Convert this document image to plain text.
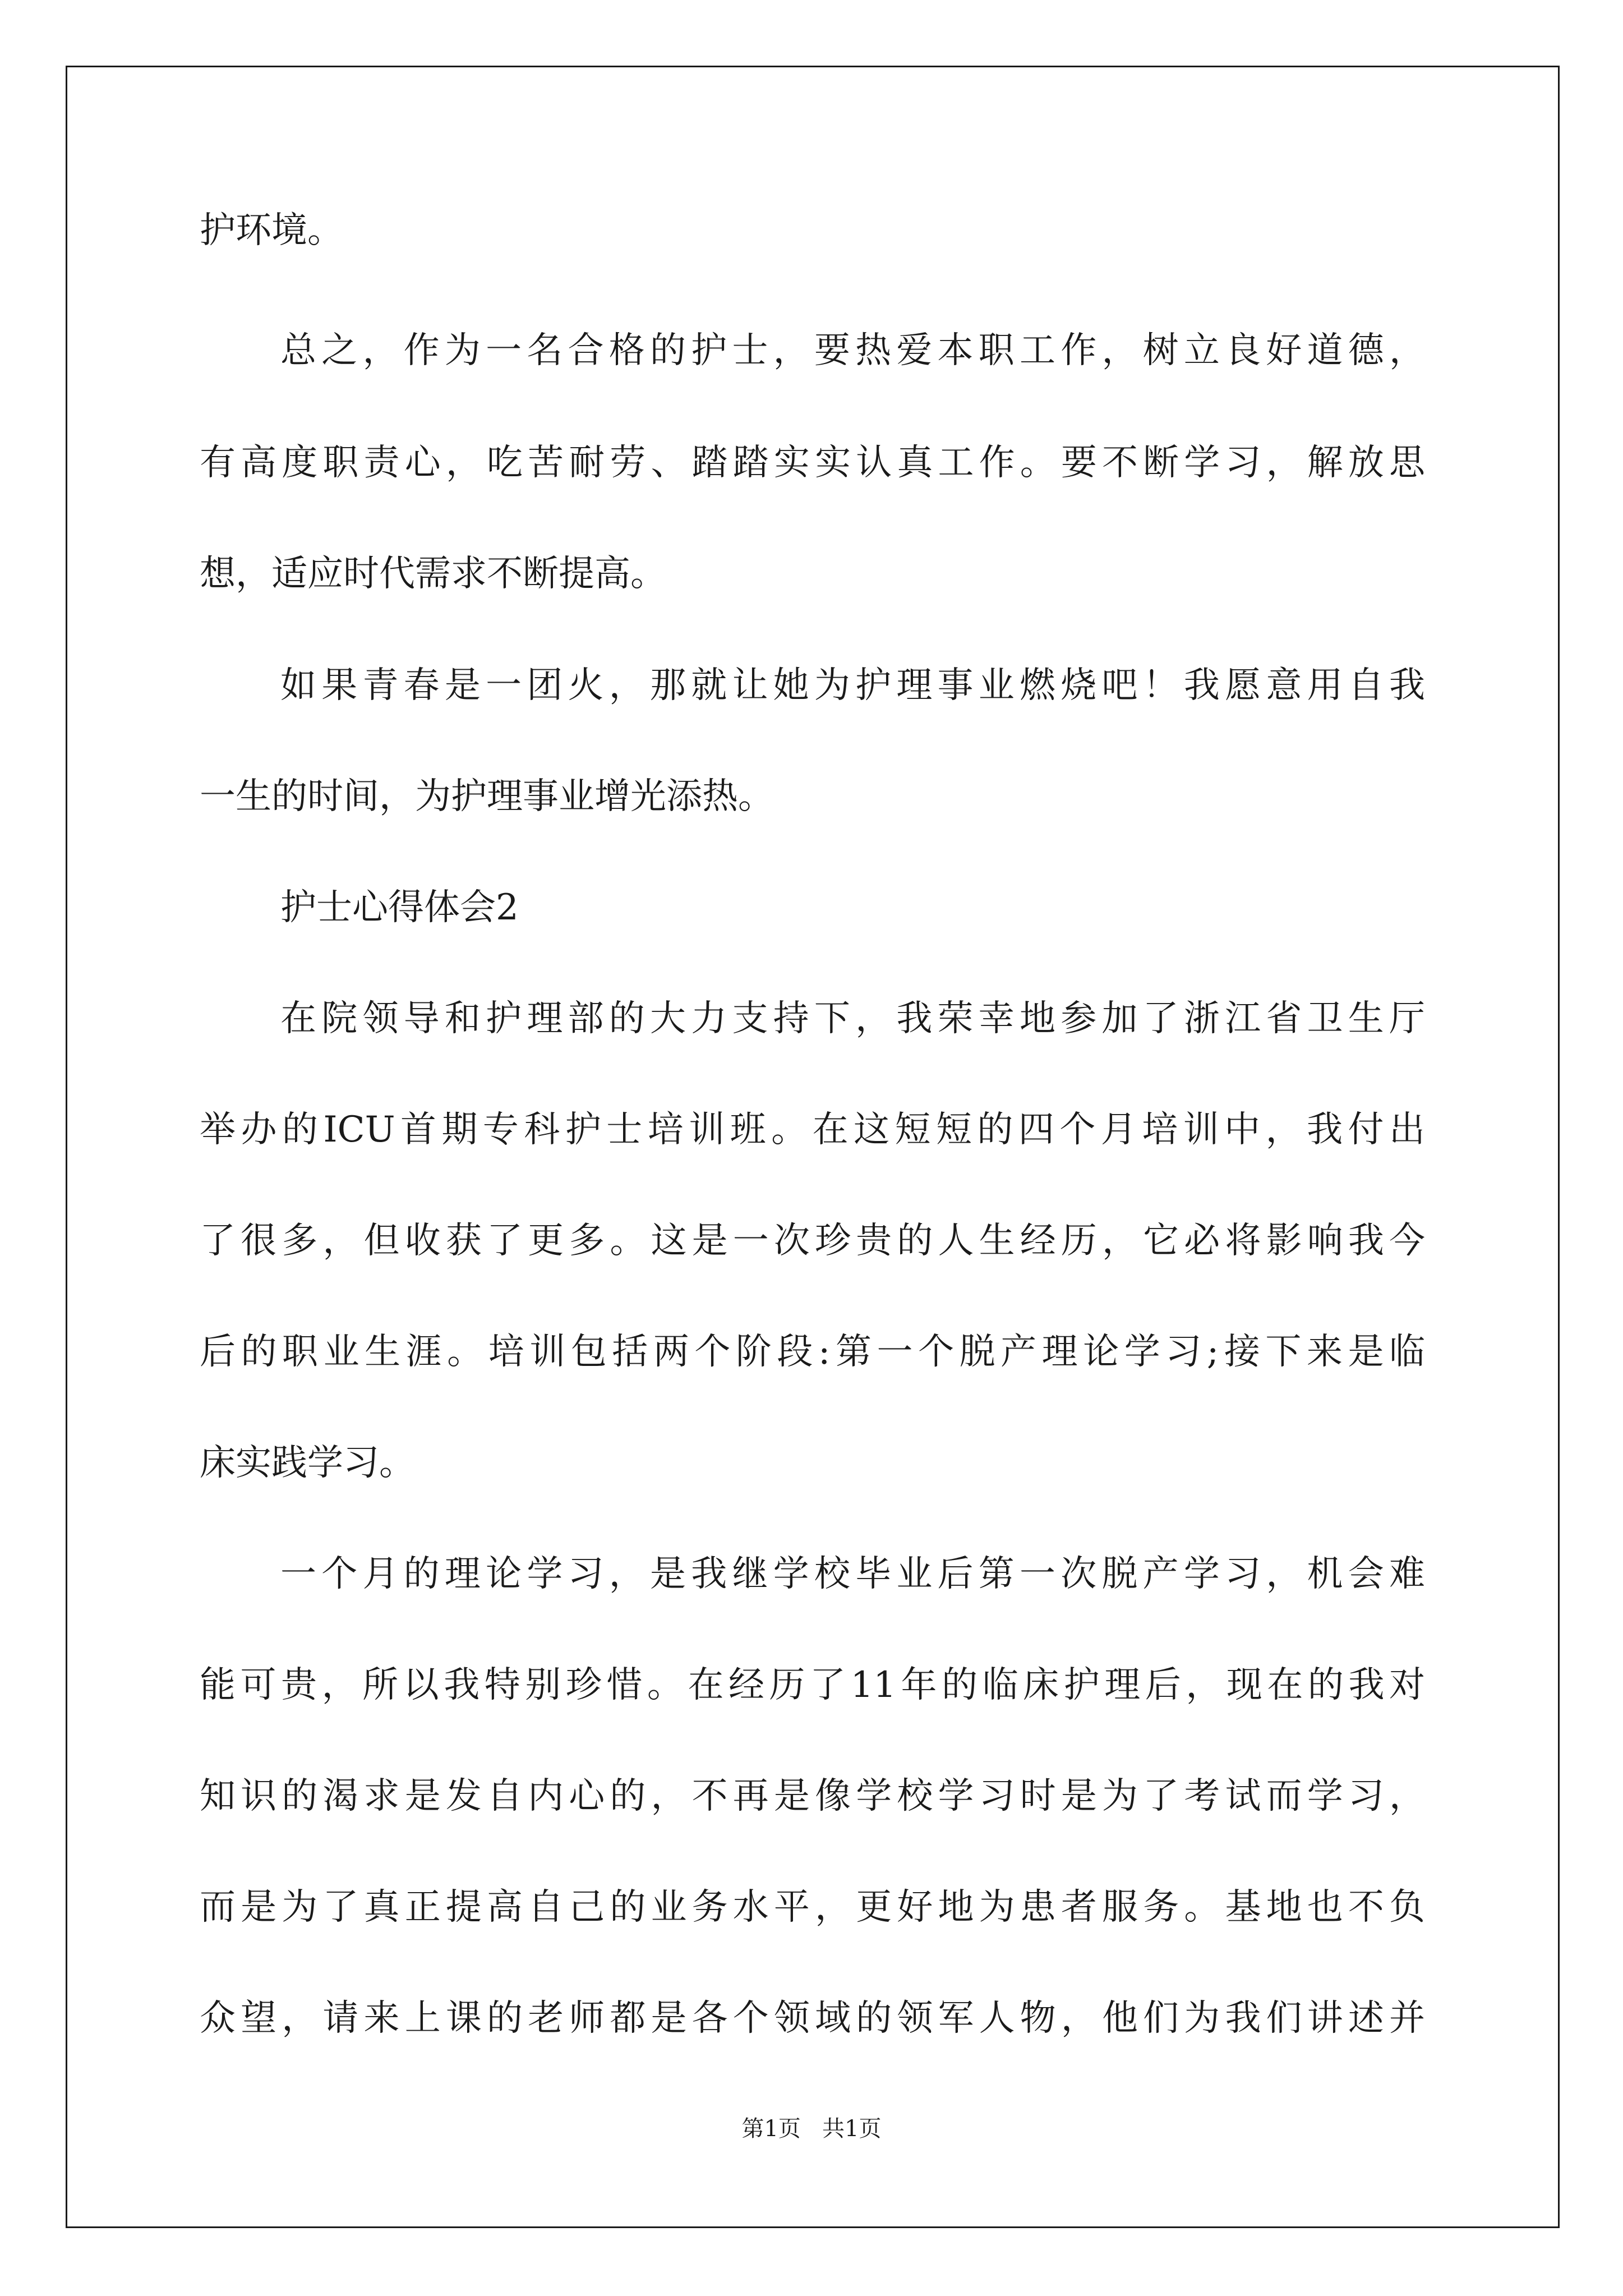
护环境。
总之，作为一名合格的护士，要热爱本职工作，树立良好道德，
有高度职责心，吃苦耐劳、踏踏实实认真工作。要不断学习，解放思
想，适应时代需求不断提高。
如果青春是一团火，那就让她为护理事业燃烧吧！我愿意用自我
一生的时间，为护理事业增光添热。
护士心得体会2
在院领导和护理部的大力支持下，我荣幸地参加了浙江省卫生厅
举办的ICU首期专科护士培训班。在这短短的四个月培训中，我付出
了很多，但收获了更多。这是一次珍贵的人生经历，它必将影响我今
后的职业生涯。培训包括两个阶段:第一个脱产理论学习;接下来是临
床实践学习。
一个月的理论学习，是我继学校毕业后第一次脱产学习，机会难
能可贵，所以我特别珍惜。在经历了11年的临床护理后，现在的我对
知识的渴求是发自内心的，不再是像学校学习时是为了考试而学习，
而是为了真正提高自己的业务水平，更好地为患者服务。基地也不负
众望，请来上课的老师都是各个领域的领军人物，他们为我们讲述并
第1页   共1页
